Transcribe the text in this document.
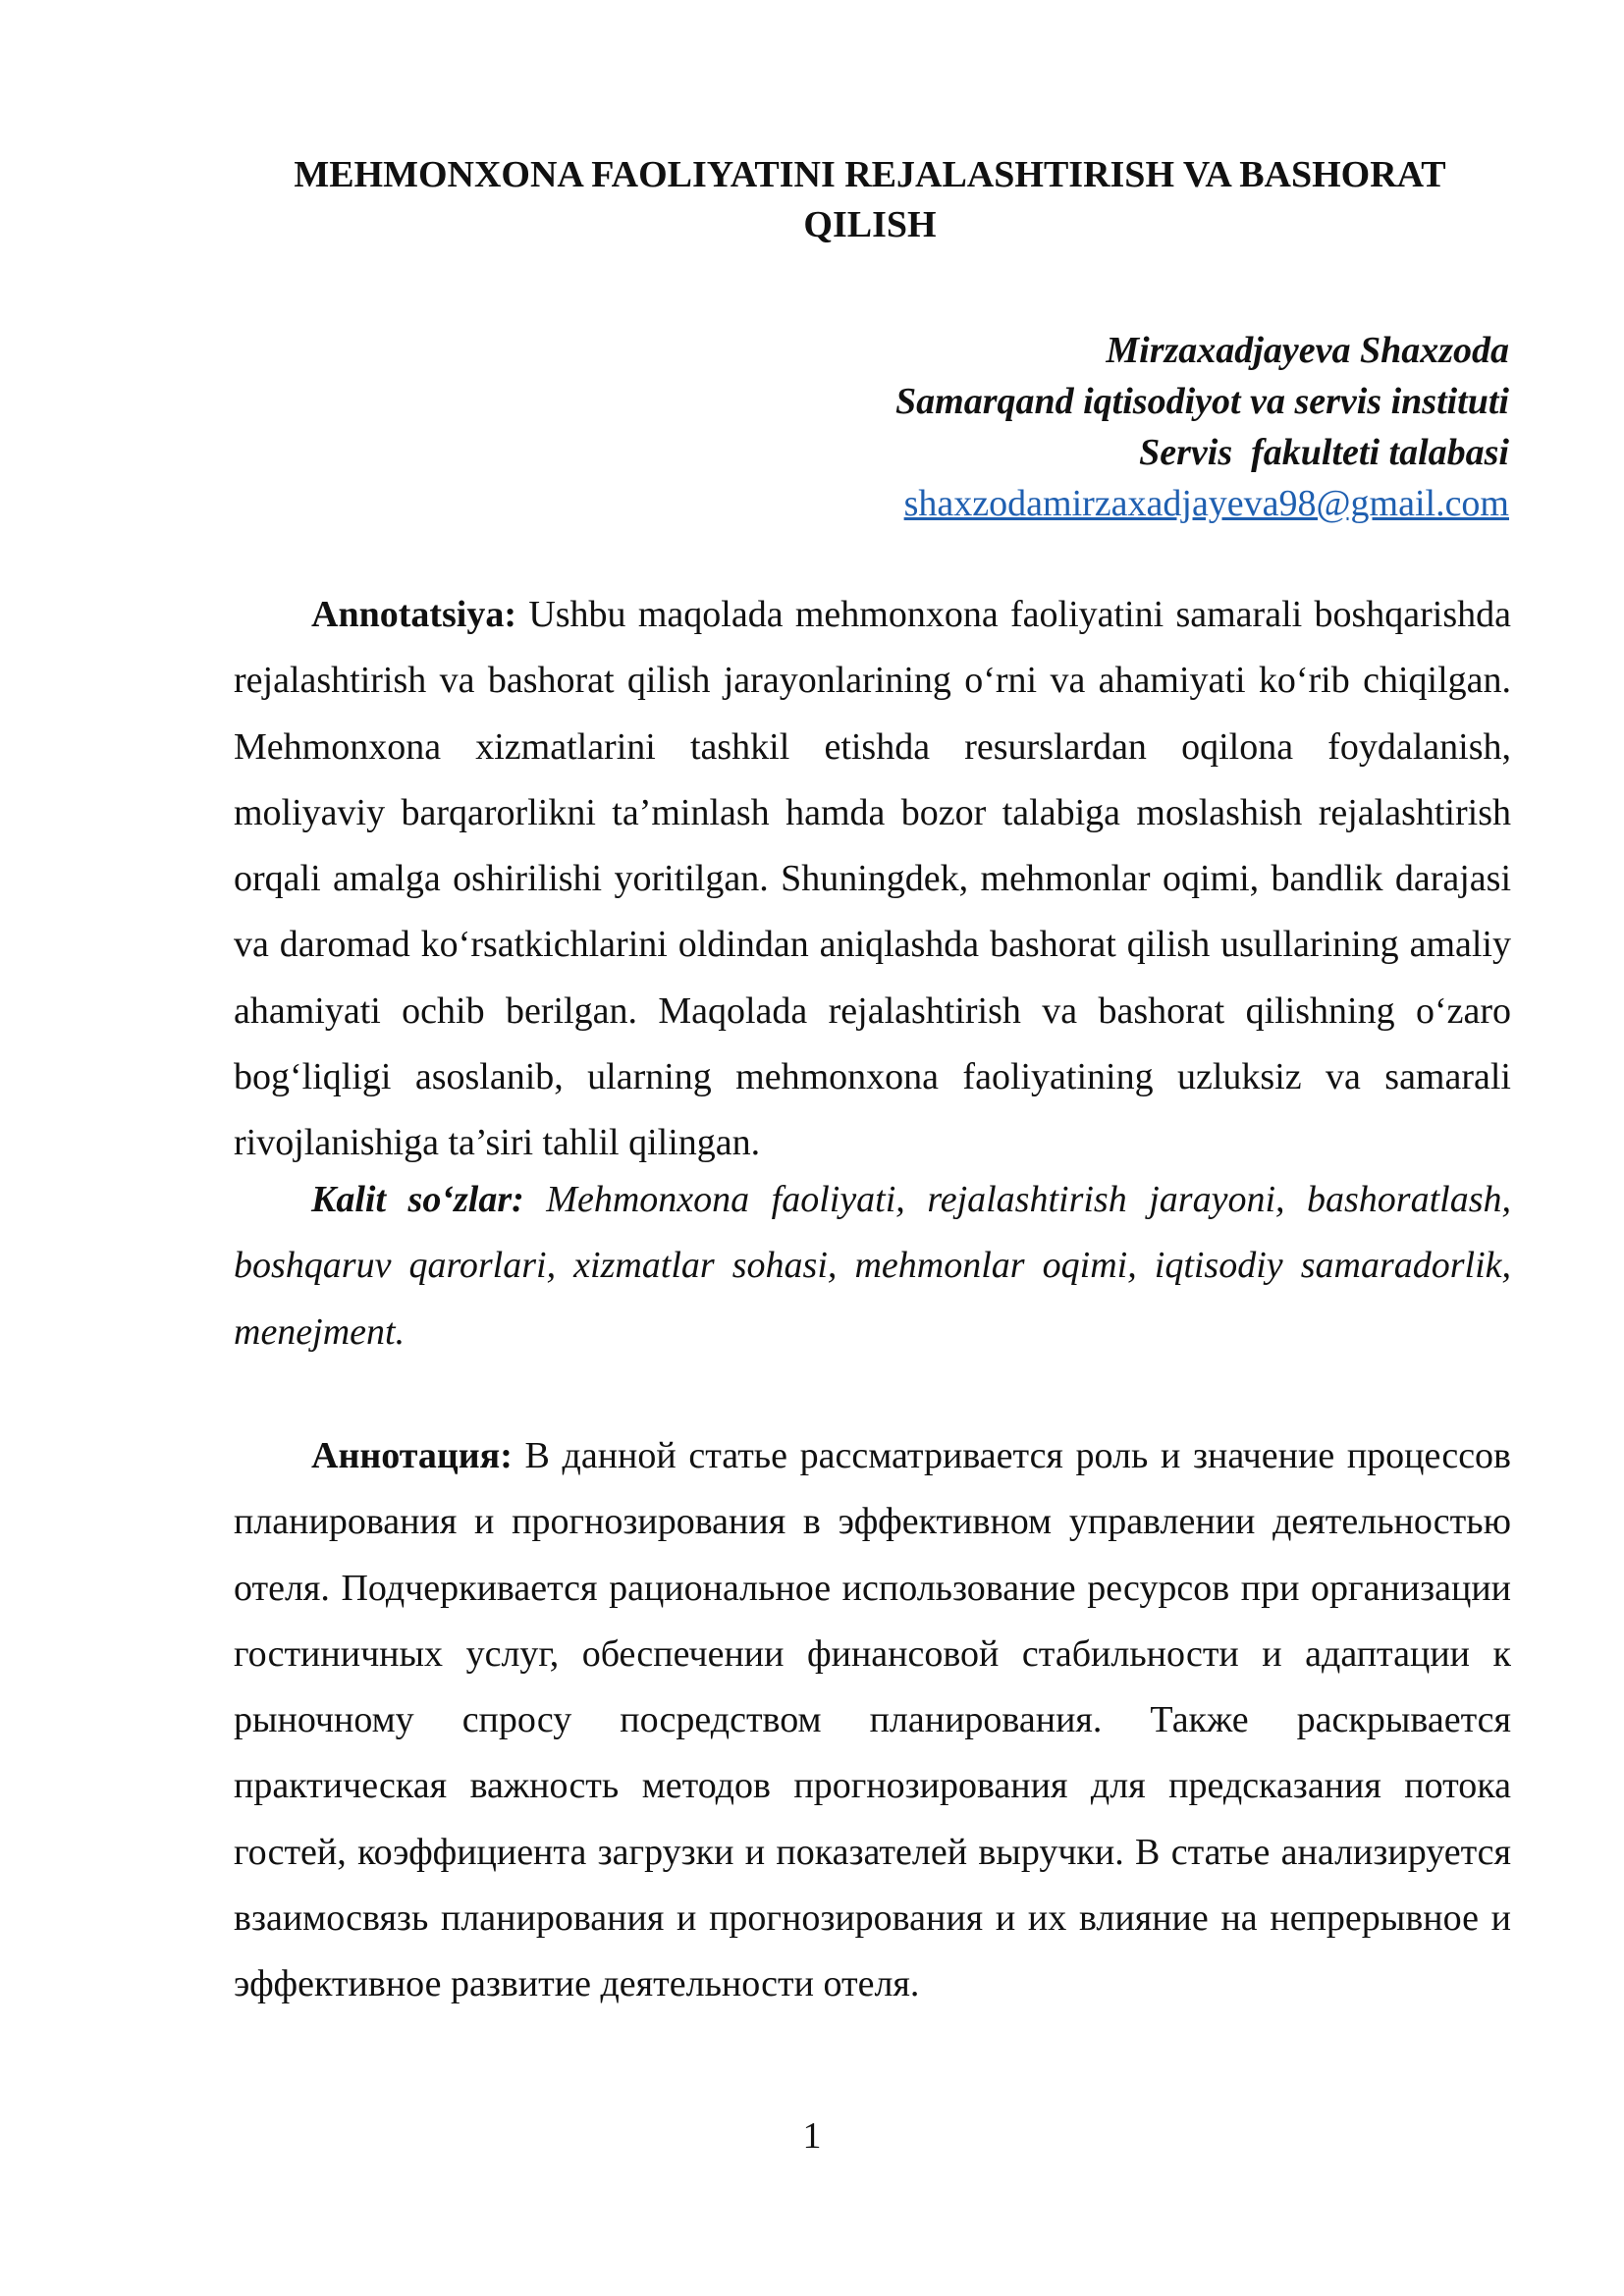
MEHMONXONA FAOLIYATINI REJALASHTIRISH VA BASHORAT QILISH
Mirzaxadjayeva Shaxzoda
Samarqand iqtisodiyot va servis instituti
Servis  fakulteti talabasi
shaxzodamirzaxadjayeva98@gmail.com

Annotatsiya: Ushbu maqolada mehmonxona faoliyatini samarali boshqarishda rejalashtirish va bashorat qilish jarayonlarining o‘rni va ahamiyati ko‘rib chiqilgan. Mehmonxona xizmatlarini tashkil etishda resurslardan oqilona foydalanish, moliyaviy barqarorlikni ta’minlash hamda bozor talabiga moslashish rejalashtirish orqali amalga oshirilishi yoritilgan. Shuningdek, mehmonlar oqimi, bandlik darajasi va daromad ko‘rsatkichlarini oldindan aniqlashda bashorat qilish usullarining amaliy ahamiyati ochib berilgan. Maqolada rejalashtirish va bashorat qilishning o‘zaro bog‘liqligi asoslanib, ularning mehmonxona faoliyatining uzluksiz va samarali rivojlanishiga ta’siri tahlil qilingan.

Kalit so‘zlar: Mehmonxona faoliyati, rejalashtirish jarayoni, bashoratlash, boshqaruv qarorlari, xizmatlar sohasi, mehmonlar oqimi, iqtisodiy samaradorlik, menejment.

Аннотация: В данной статье рассматривается роль и значение процессов планирования и прогнозирования в эффективном управлении деятельностью отеля. Подчеркивается рациональное использование ресурсов при организации гостиничных услуг, обеспечении финансовой стабильности и адаптации к рыночному спросу посредством планирования. Также раскрывается практическая важность методов прогнозирования для предсказания потока гостей, коэффициента загрузки и показателей выручки. В статье анализируется взаимосвязь планирования и прогнозирования и их влияние на непрерывное и эффективное развитие деятельности отеля.

1
